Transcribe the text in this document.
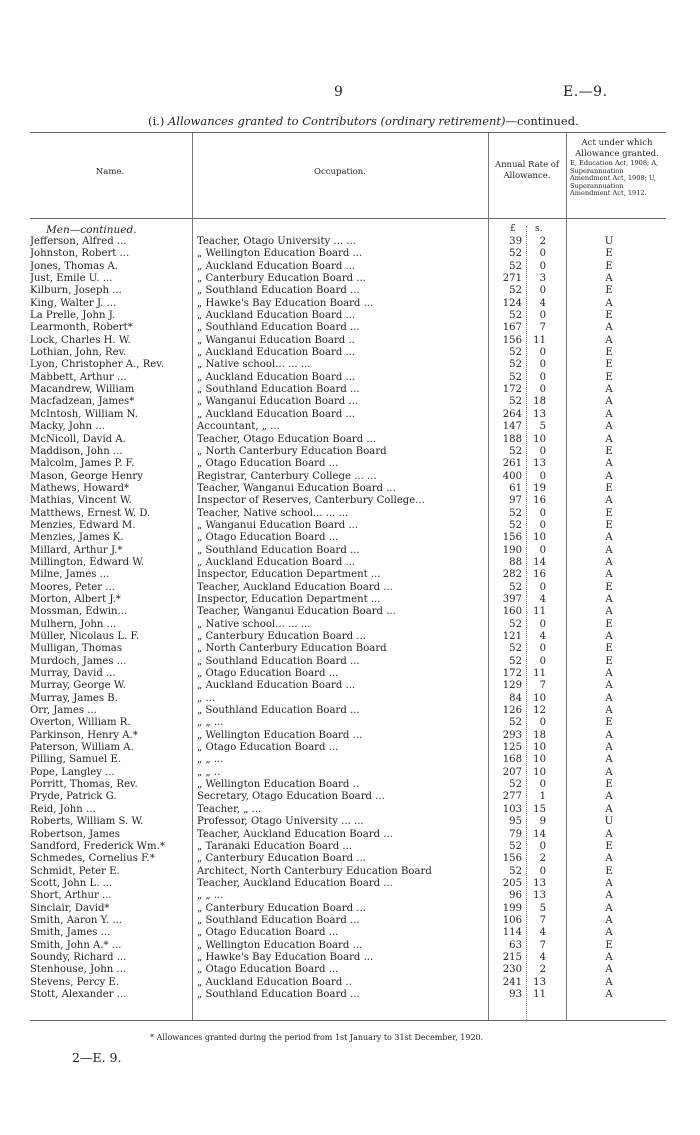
9	E.—9.
(i.) Allowances granted to Contributors (ordinary retirement)—continued.
Name.	Occupation.
Annual Rate of Allowance.
Act under which Allowance granted.
E, Education Act, 1908; A, Superannuation Amendment Act, 1908; U, Superannuation Amendment Act, 1912.
Men—continued.	£ s.
Jefferson, Alfred ...	Teacher, Otago University ... ...	39	2	U
Johnston, Robert ...	„ Wellington Education Board ...	52	0	E
Jones, Thomas A.	„ Auckland Education Board ...	52	0	E
Just, Emile U. ...	„ Canterbury Education Board ...	271	3	A
Kilburn, Joseph ...	„ Southland Education Board ...	52	0	E
King, Walter J. ...	„ Hawke's Bay Education Board ...	124	4	A
La Prelle, John J.	„ Auckland Education Board ...	52	0	E
Learmonth, Robert*	„ Southland Education Board ...	167	7	A
Lock, Charles H. W.	„ Wanganui Education Board ..	156	11	A
Lothian, John, Rev.	„ Auckland Education Board ...	52	0	E
Lyon, Christopher A., Rev.	„ Native school... ... ...	52	0	E
Mabbett, Arthur ...	„ Auckland Education Board ...	52	0	E
Macandrew, William	„ Southland Education Board ...	172	0	A
Macfadzean, James*	„ Wanganui Education Board ...	52	18	A
McIntosh, William N.	„ Auckland Education Board ...	264	13	A
Macky, John ...	Accountant, „ ...	147	5	A
McNicoll, David A.	Teacher, Otago Education Board ...	188	10	A
Maddison, John ...	„ North Canterbury Education Board	52	0	E
Malcolm, James P. F.	„ Otago Education Board ...	261	13	A
Mason, George Henry	Registrar, Canterbury College ... ...	400	0	A
Mathews, Howard*	Teacher, Wanganui Education Board ...	61	19	E
Mathias, Vincent W.	Inspector of Reserves, Canterbury College...	97	16	A
Matthews, Ernest W. D.	Teacher, Native school... ... ...	52	0	E
Menzies, Edward M.	„ Wanganui Education Board ...	52	0	E
Menzies, James K.	„ Otago Education Board ...	156	10	A
Millard, Arthur J.*	„ Southland Education Board ...	190	0	A
Millington, Edward W.	„ Auckland Education Board ...	88	14	A
Milne, James ...	Inspector, Education Department ...	282	16	A
Moores, Peter ...	Teacher, Auckland Education Board ...	52	0	E
Morton, Albert J.*	Inspector, Education Department ...	397	4	A
Mossman, Edwin...	Teacher, Wanganui Education Board ...	160	11	A
Mulhern, John ...	„ Native school... ... ...	52	0	E
Müller, Nicolaus L. F.	„ Canterbury Education Board ...	121	4	A
Mulligan, Thomas	„ North Canterbury Education Board	52	0	E
Murdoch, James ...	„ Southland Education Board ...	52	0	E
Murray, David ...	„ Otago Education Board ...	172	11	A
Murray, George W.	„ Auckland Education Board ...	129	7	A
Murray, James B.	„ ...	84	10	A
Orr, James ...	„ Southland Education Board ...	126	12	A
Overton, William R.	„ „ ...	52	0	E
Parkinson, Henry A.*	„ Wellington Education Board ...	293	18	A
Paterson, William A.	„ Otago Education Board ...	125	10	A
Pilling, Samuel E.	„ „ ...	168	10	A
Pope, Langley ...	„ „ ..	207	10	A
Porritt, Thomas, Rev.	„ Wellington Education Board ..	52	0	E
Pryde, Patrick G.	Secretary, Otago Education Board ...	277	1	A
Reid, John ...	Teacher, „ ...	103	15	A
Roberts, William S. W.	Professor, Otago University ... ...	95	9	U
Robertson, James	Teacher, Auckland Education Board ...	79	14	A
Sandford, Frederick Wm.*	„ Taranaki Education Board ...	52	0	E
Schmedes, Cornelius F.*	„ Canterbury Education Board ...	156	2	A
Schmidt, Peter E.	Architect, North Canterbury Education Board	52	0	E
Scott, John L. ...	Teacher, Auckland Education Board ...	205	13	A
Short, Arthur ...	„ „ ...	96	13	A
Sinclair, David*	„ Canterbury Education Board ...	199	5	A
Smith, Aaron Y. ...	„ Southland Education Board ...	106	7	A
Smith, James ...	„ Otago Education Board ...	114	4	A
Smith, John A.* ...	„ Wellington Education Board ...	63	7	E
Soundy, Richard ...	„ Hawke's Bay Education Board ...	215	4	A
Stenhouse, John ...	„ Otago Education Board ...	230	2	A
Stevens, Percy E.	„ Auckland Education Board ..	241	13	A
Stott, Alexander ...	„ Southland Education Board ...	93	11	A
* Allowances granted during the period from 1st January to 31st December, 1920.
2—E. 9.
